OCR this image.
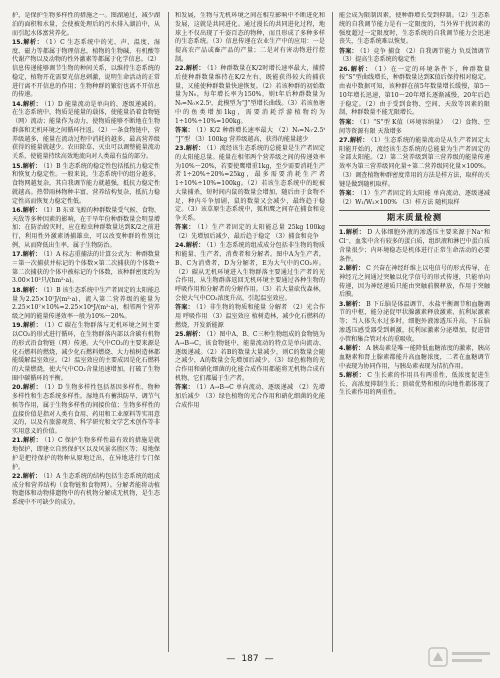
护，是保护生物多样性的措施之一。图湖通过，减少湖泊的面积和水量，会使被处理后的污水排入湖泊中，从而引起水体富营养化。

15.解析： （1）C 生态系统中的光、声、温度、湿度、磁力等都属于物理信息，植物的生物碱、有机酸等代谢产物以及动物的性外激素等都属于化学信息。（2）信息传递能够调节生物的种间关系，以维持生态系统的稳定，植物开花需要光信息刺激，说明生命活动的正常进行离不开信息的作用；生物种群的繁衍也离不开信息的传递。

14.解析： （1）D 能量流动是单向的、逐级递减的。在生态系统中，物质是能量的载体，使能量沿着食物链（网）流动；能量作为动力，使物质能够不断地在生物群落和无机环境之间循环往返。（2）一条食物链中，营养级越多，能量在流动过程中消耗的越多，最高营养级获得的能量就越少。农田除草、灭虫可以调整能量流动关系，使能量持续高效地流向对人类最有益的部分。

15.解析： （1）B 生态系统的稳定性包括抵抗力稳定性和恢复力稳定性。一般来说，生态系统中的组分越多，食物网越复杂，其自我调节能力就越强，抵抗力稳定性就越高。热带雨林物种丰富、营养结构复杂，抵抗力稳定性高而恢复力稳定性低。

16.解析： （1）B 东亚飞蝗的种群数量受气候、食物、天敌等多种因素的影响，在干旱年份种群数量会明显增加；在防治蝗灾时，应在蝗虫种群数量达到K/2之前进行，利用性外激素诱捕雄虫，可以改变种群的性别比例，从而降低出生率，属于生物防治。

17.解析： （1）A 标志重捕法的计算公式为：种群数量＝第一次捕获并标记的个体数×第二次捕获的个体数÷第二次捕获的个体中被标记的个体数，该种群密度约为3.00×10²只/(hm²·a)。

18.解析： （1）B 该生态系统中生产者固定的太阳能总量为2.25×10⁷J/(m²·a)，流入第二营养级的能量为2.25×10⁷×10%=2.25×10⁶J/(m²·a)，相邻两个营养级之间的能量传递效率一般为10%～20%。

19.解析： （1）C 碳在生物群落与无机环境之间主要以CO₂的形式进行循环，在生物群落内部以含碳有机物的形式沿食物链（网）传递。大气中CO₂的主要来源是化石燃料的燃烧，减少化石燃料燃烧、大力植树造林都能缓解温室效应。（2）温室效应的主要成因是化石燃料的大量燃烧，使大气中CO₂含量迅速增加，打破了生物圈中碳循环的平衡。

20.解析： （1）D 生物多样性包括基因多样性、物种多样性和生态系统多样性。湿地具有蓄洪防旱、调节气候等作用，属于生物多样性的间接价值；生物多样性的直接价值是指对人类有食用、药用和工业原料等实用意义的，以及有旅游观赏、科学研究和文学艺术创作等非实用意义的价值。

21.解析： （1）C 保护生物多样性最有效的措施是就地保护，即建立自然保护区以及风景名胜区等；易地保护是把待保护的物种从原地迁出，在异地进行专门保护。

22.解析： （1）A 生态系统的结构包括生态系统的组成成分和营养结构（食物链和食物网）。分解者能将动植物遗体和动物排遗物中的有机物分解成无机物，是生态系统中不可缺少的成分。

和发展，生物与无机环境之间在相互影响中不断进化和发展，这就是共同进化。通过漫长的共同进化过程，地球上不仅出现了千姿百态的物种，而且形成了多种多样的生态系统。（3）信息传递在农业生产中的应用：一是提高农产品或畜产品的产量；二是对有害动物进行控制。

22.解析： （1）种群数量在K/2时增长速率最大，捕捞后使种群数量维持在K/2左右，既能获得较大的捕获量，又能使种群数量快速恢复。（2）若该种群的初始数量为N₀，每年增长率为150%，则t年后种群数量为Nₜ=N₀×2.5ᵗ，此模型为“J”型增长曲线。（3）若该鱼塘中的鱼类增加1kg，需要消耗浮游植物约为1÷10%÷10%=100kg。

答案： （1）K/2 种群增长速率最大 （2）Nₜ=N₀·2.5ᵗ “J”型 （3）100kg 营养级越高，获得的能量越少

23.解析： （1）流经该生态系统的总能量是生产者固定的太阳能总量。能量在相邻两个营养级之间的传递效率为10%～20%，若要使鹰增重1kg，至少需要消耗生产者1÷20%÷20%=25kg，最多需要消耗生产者1÷10%÷10%=100kg。（2）若该生态系统中的蛇被大量捕杀，短时间内鼠的数量会增加，随后由于食物不足，种内斗争加剧，鼠的数量又会减少，最终趋于稳定。（3）该草原生态系统中，狐和鹰之间存在捕食和竞争关系。

答案： （1）生产者固定的太阳能总量 25kg 100kg （2）先增加后减少，最后趋于稳定 （3）捕食和竞争

24.解析： （1）生态系统的组成成分包括非生物的物质和能量、生产者、消费者和分解者。图中A为生产者，B、C为消费者，D为分解者，E为大气中的CO₂库。（2）碳从无机环境进入生物群落主要通过生产者的光合作用，从生物群落返回无机环境主要通过各种生物的呼吸作用和分解者的分解作用。（3）若大量砍伐森林，会使大气中CO₂浓度升高，引起温室效应。

答案： （1）非生物的物质和能量 分解者 （2）光合作用 呼吸作用 （3）温室效应 植树造林，减少化石燃料的燃烧，开发新能源

25.解析： （1）图中A、B、C三种生物组成的食物链为A→B→C，该食物链中，能量流动的特点是单向流动、逐级递减。（2）若B的数量大量减少，则C的数量会随之减少，A的数量会先增加后减少。（3）绿色植物的光合作用和硝化细菌的化能合成作用都能将无机物合成有机物，它们都属于生产者。

答案： （1）A→B→C 单向流动、逐级递减 （2）先增加后减少 （3）绿色植物的光合作用和硝化细菌的化能合成作用

能会成为限制因素，使种群增长受到抑制。（2）生态系统的自我调节能力是有一定限度的，当外界干扰因素的强度超过一定限度时，生态系统的自我调节能力会迅速丧失，生态系统难以恢复。

答案： （1）竞争 捕食 （2）自我调节能力 负反馈调节 （3）提高生态系统的稳定性

26.解析： （1）在一定的环境条件下，种群数量按“S”型曲线增长，种群数量达到K值后保持相对稳定。由表中数据可知，该种群在前5年数量增长缓慢，第5～10年增长迅速，第10～20年增长逐渐减慢，20年后趋于稳定。（2）由于受到食物、空间、天敌等因素的限制，种群数量不能无限增长。

答案： （1）“S”型 K值（环境容纳量） （2）食物、空间等资源有限 天敌增多

27.解析： （1）生态系统的能量流动是从生产者固定太阳能开始的，流经该生态系统的总能量为生产者固定的全部太阳能。（2）第二营养级到第三营养级的能量传递效率为第三营养级同化量÷第二营养级同化量×100%。（3）调查植物种群密度常用的方法是样方法，取样的关键是做到随机取样。

答案： （1）生产者固定的太阳能 单向流动、逐级递减 （2）W₁/W₂×100% （3）样方法 随机取样

期末质量检测

1.解析： D 人体细胞外液的渗透压主要来源于Na⁺和Cl⁻，血浆中含有较多的蛋白质，组织液和淋巴中蛋白质含量很少；内环境稳态是机体进行正常生命活动的必要条件。

2.解析： C 兴奋在神经纤维上以电信号的形式传导，在神经元之间通过突触以化学信号的形式传递，只能单向传递，因为神经递质只能由突触前膜释放，作用于突触后膜。

3.解析： B 下丘脑是体温调节、水盐平衡调节和血糖调节的中枢，能分泌促甲状腺激素释放激素、抗利尿激素等；当人体失水过多时，细胞外液渗透压升高，下丘脑渗透压感受器受到刺激，抗利尿激素分泌增加，促进肾小管和集合管对水的重吸收。

4.解析： A 胰岛素是唯一能降低血糖浓度的激素，胰高血糖素和肾上腺素都能升高血糖浓度，二者在血糖调节中表现为协同作用，与胰岛素表现为拮抗作用。

5.解析： C 生长素的作用具有两重性，低浓度促进生长，高浓度抑制生长；顶端优势和根的向地性都体现了生长素作用的两重性。

— 187 —
